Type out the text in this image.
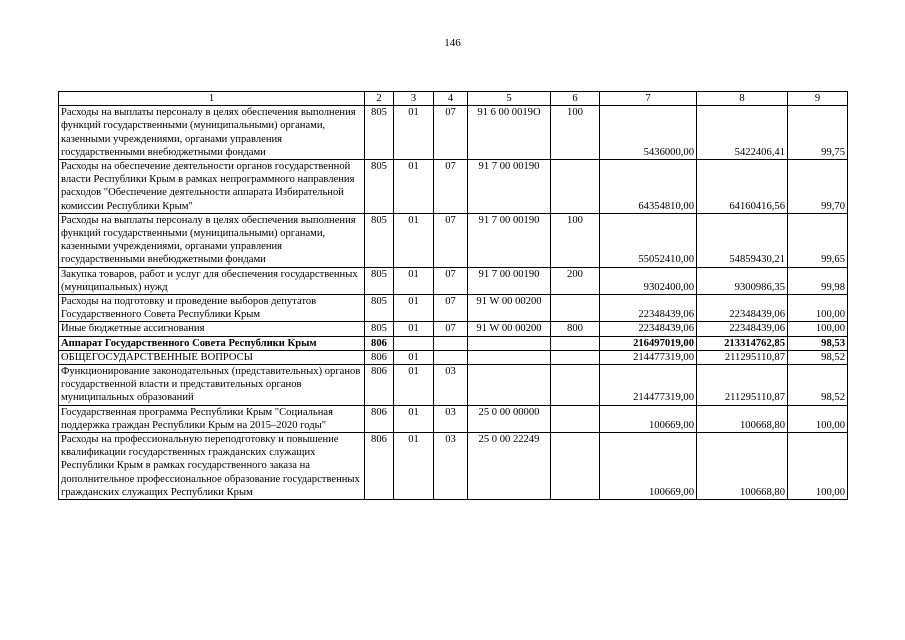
146
1	2	3	4	5	6	7	8	9
Расходы на выплаты персоналу в целях обеспечения выполнения функций государственными (муниципальными) органами, казенными учреждениями, органами управления государственными внебюджетными фондами	805	01	07	91 6 00 0019O	100	5436000,00	5422406,41	99,75
Расходы на обеспечение деятельности органов государственной власти Республики Крым в рамках непрограммного направления расходов "Обеспечение деятельности аппарата Избирательной комиссии Республики Крым"	805	01	07	91 7 00 00190		64354810,00	64160416,56	99,70
Расходы на выплаты персоналу в целях обеспечения выполнения функций государственными (муниципальными) органами, казенными учреждениями, органами управления государственными внебюджетными фондами	805	01	07	91 7 00 00190	100	55052410,00	54859430,21	99,65
Закупка товаров, работ и услуг для обеспечения государственных (муниципальных) нужд	805	01	07	91 7 00 00190	200	9302400,00	9300986,35	99,98
Расходы на подготовку и проведение выборов депутатов Государственного Совета Республики Крым	805	01	07	91 W 00 00200		22348439,06	22348439,06	100,00
Иные бюджетные ассигнования	805	01	07	91 W 00 00200	800	22348439,06	22348439,06	100,00
Аппарат Государственного Совета Республики Крым	806					216497019,00	213314762,85	98,53
ОБЩЕГОСУДАРСТВЕННЫЕ ВОПРОСЫ	806	01				214477319,00	211295110,87	98,52
Функционирование законодательных (представительных) органов государственной власти и представительных органов муниципальных образований	806	01	03			214477319,00	211295110,87	98,52
Государственная программа Республики Крым "Социальная поддержка граждан Республики Крым на 2015–2020 годы"	806	01	03	25 0 00 00000		100669,00	100668,80	100,00
Расходы на профессиональную переподготовку и повышение квалификации государственных гражданских служащих Республики Крым в рамках государственного заказа на дополнительное профессиональное образование государственных гражданских служащих Республики Крым	806	01	03	25 0 00 22249		100669,00	100668,80	100,00
